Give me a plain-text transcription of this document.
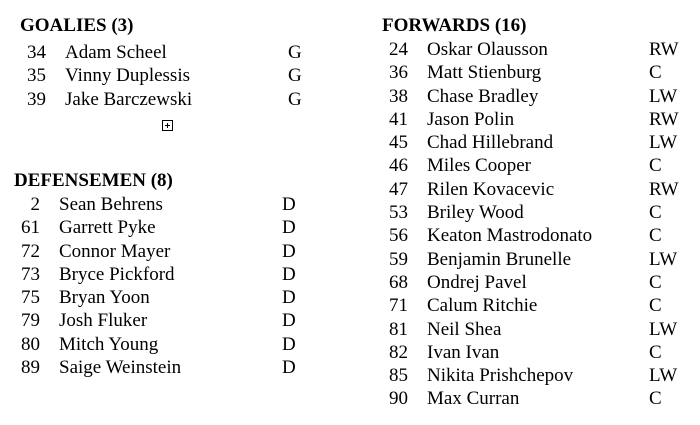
GOALIES (3)
34 Adam Scheel	G
35 Vinny Duplessis	G
39 Jake Barczewski	G
DEFENSEMEN (8)
2 Sean Behrens	D
61 Garrett Pyke	D
72 Connor Mayer	D
73 Bryce Pickford	D
75 Bryan Yoon	D
79 Josh Fluker	D
80 Mitch Young	D
89 Saige Weinstein	D
FORWARDS (16)
24 Oskar Olausson	RW
36 Matt Stienburg	C
38 Chase Bradley	LW
41 Jason Polin	RW
45 Chad Hillebrand	LW
46 Miles Cooper	C
47 Rilen Kovacevic	RW
53 Briley Wood	C
56 Keaton Mastrodonato	C
59 Benjamin Brunelle	LW
68 Ondrej Pavel	C
71 Calum Ritchie	C
81 Neil Shea	LW
82 Ivan Ivan	C
85 Nikita Prishchepov	LW
90 Max Curran	C
